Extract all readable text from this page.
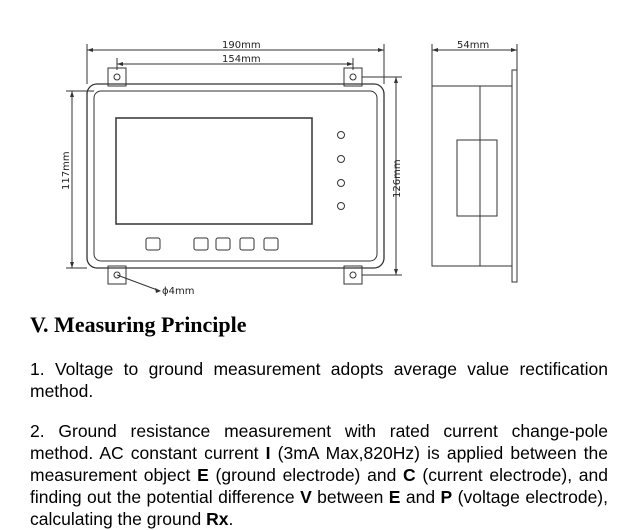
190mm
154mm
54mm
117mm	126mm
ϕ4mm
V. Measuring Principle

1. Voltage to ground measurement adopts average value rectification method.

2. Ground resistance measurement with rated current change-pole method. AC constant current I (3mA Max,820Hz) is applied between the measurement object E (ground electrode) and C (current electrode), and finding out the potential difference V between E and P (voltage electrode), calculating the ground Rx.
